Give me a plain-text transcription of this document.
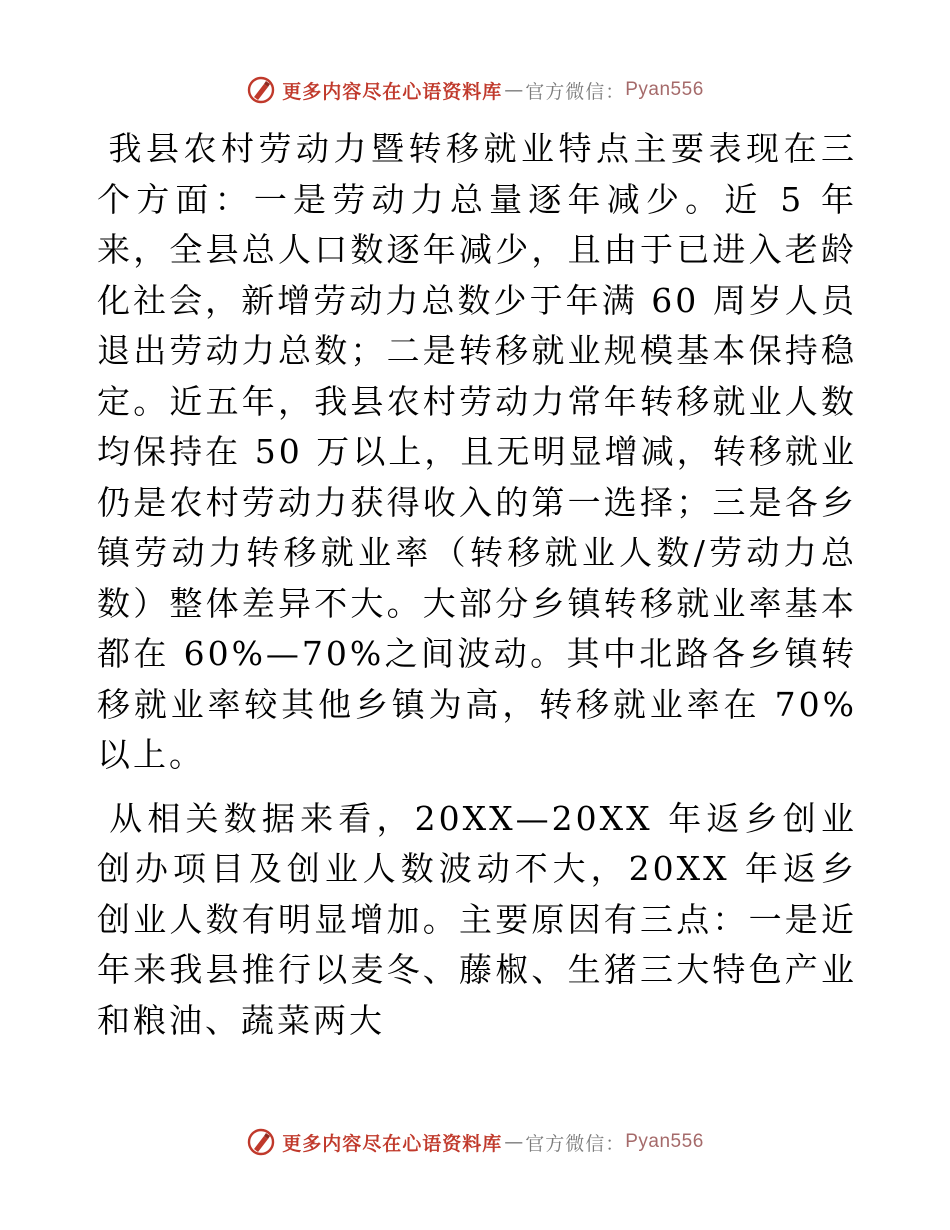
更多内容尽在心语资料库 — 官方微信： Pyan556

我县农村劳动力暨转移就业特点主要表现在三个方面：一是劳动力总量逐年减少。近 5 年来，全县总人口数逐年减少，且由于已进入老龄化社会，新增劳动力总数少于年满 60 周岁人员退出劳动力总数；二是转移就业规模基本保持稳定。近五年，我县农村劳动力常年转移就业人数均保持在 50 万以上，且无明显增减，转移就业仍是农村劳动力获得收入的第一选择；三是各乡镇劳动力转移就业率（转移就业人数/劳动力总数）整体差异不大。大部分乡镇转移就业率基本都在 60%—70%之间波动。其中北路各乡镇转移就业率较其他乡镇为高，转移就业率在 70%以上。

从相关数据来看，20XX—20XX 年返乡创业创办项目及创业人数波动不大，20XX 年返乡创业人数有明显增加。主要原因有三点：一是近年来我县推行以麦冬、藤椒、生猪三大特色产业和粮油、蔬菜两大

更多内容尽在心语资料库 — 官方微信： Pyan556
